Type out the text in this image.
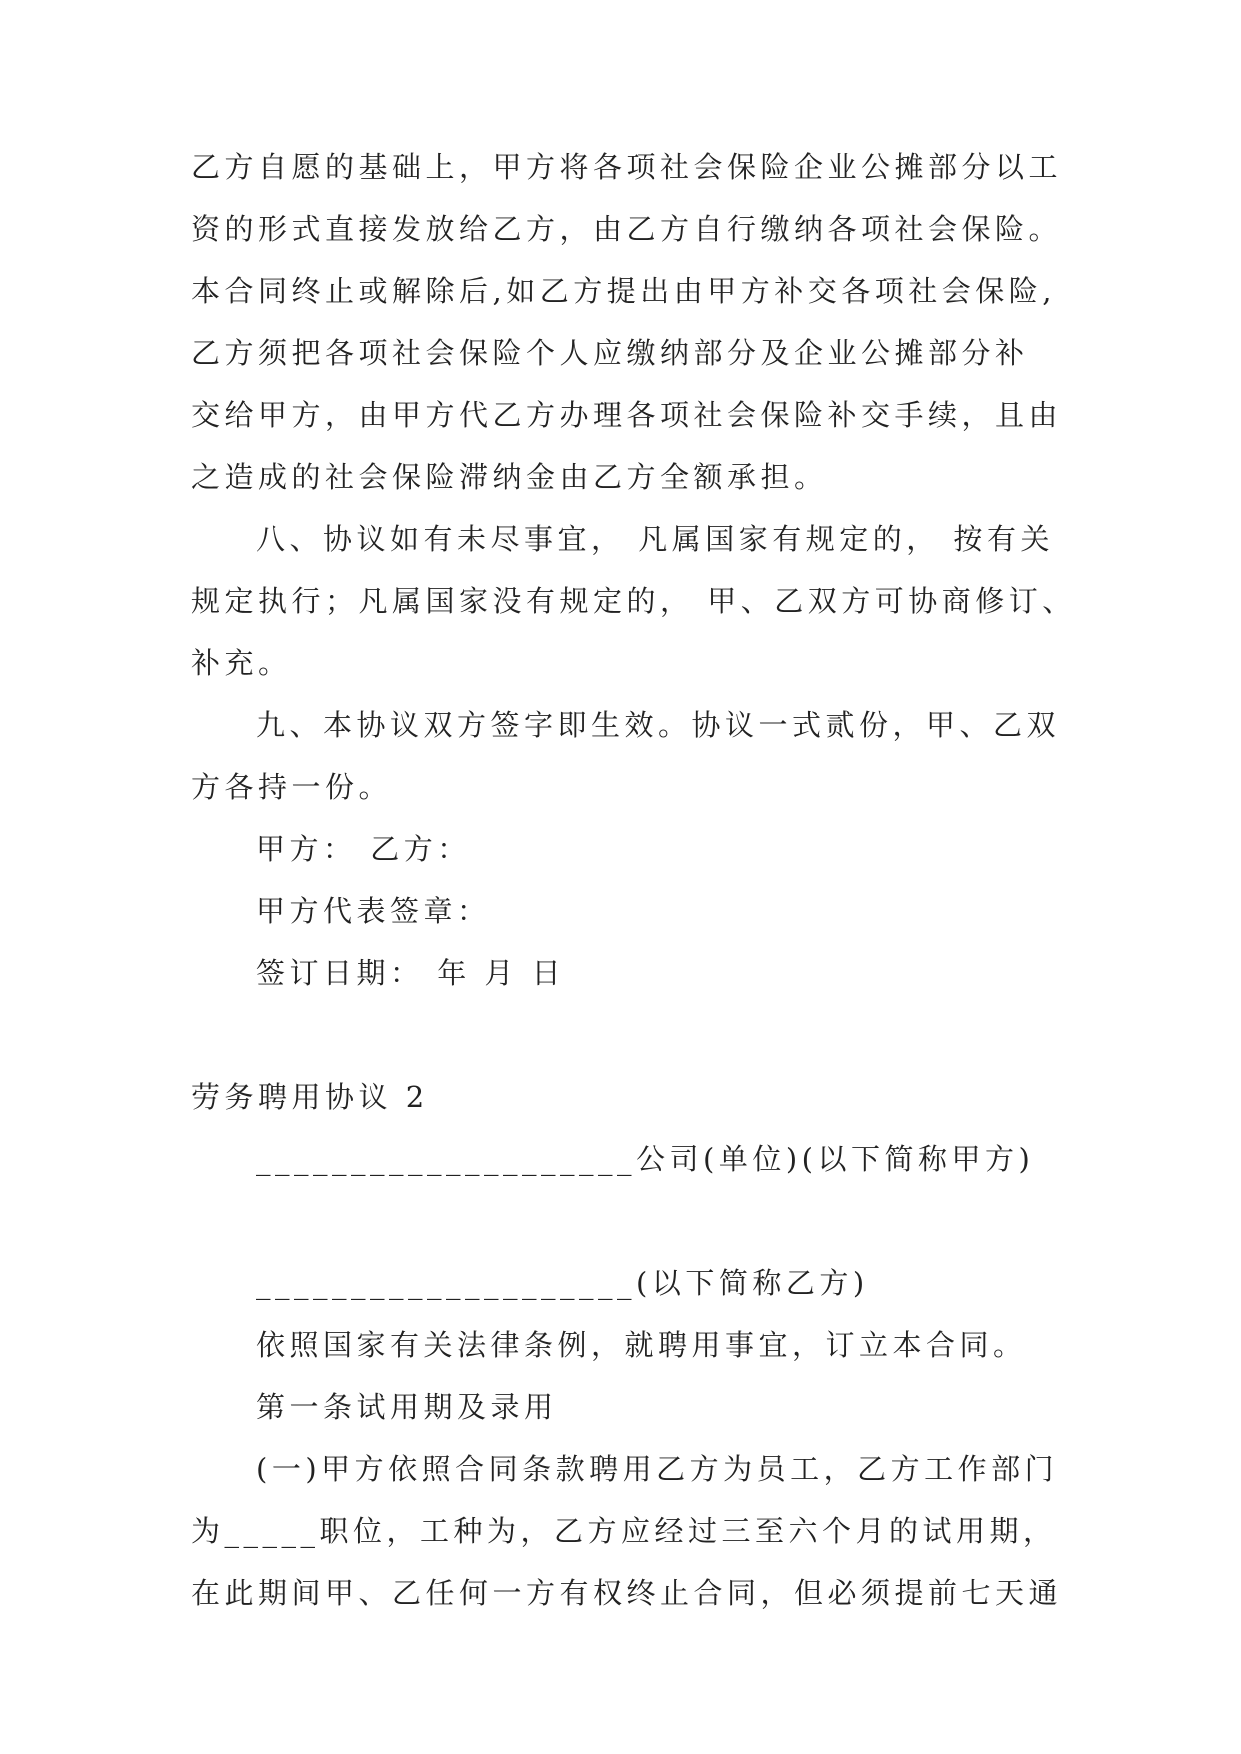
乙方自愿的基础上，甲方将各项社会保险企业公摊部分以工
资的形式直接发放给乙方，由乙方自行缴纳各项社会保险。
本合同终止或解除后,如乙方提出由甲方补交各项社会保险,
乙方须把各项社会保险个人应缴纳部分及企业公摊部分补
交给甲方，由甲方代乙方办理各项社会保险补交手续，且由
之造成的社会保险滞纳金由乙方全额承担。
八、协议如有未尽事宜， 凡属国家有规定的， 按有关
规定执行；凡属国家没有规定的， 甲、乙双方可协商修订、
补充。
九、本协议双方签字即生效。协议一式贰份，甲、乙双
方各持一份。
甲方： 乙方：
甲方代表签章：
签订日期： 年 月 日
劳务聘用协议 2
____________________公司(单位)(以下简称甲方)
____________________(以下简称乙方)
依照国家有关法律条例，就聘用事宜，订立本合同。
第一条试用期及录用
(一)甲方依照合同条款聘用乙方为员工，乙方工作部门
为_____职位，工种为，乙方应经过三至六个月的试用期，
在此期间甲、乙任何一方有权终止合同，但必须提前七天通
